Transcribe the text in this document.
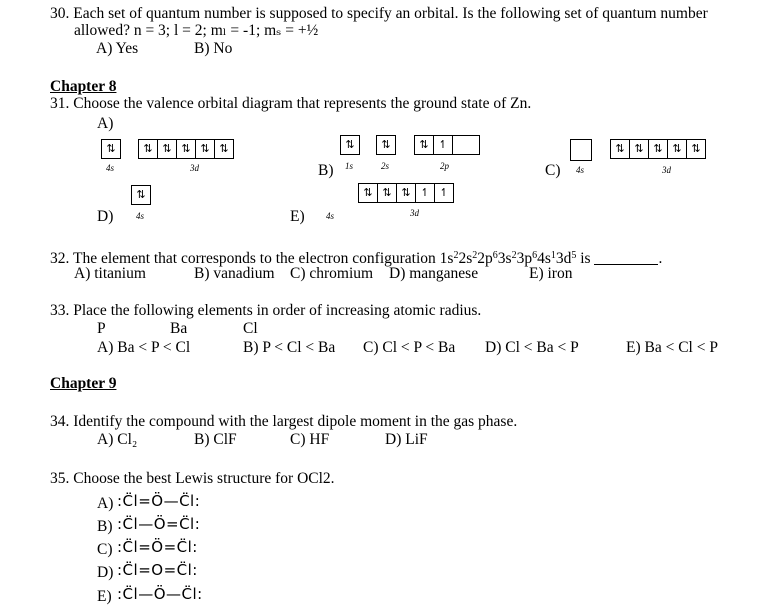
30. Each set of quantum number is supposed to specify an orbital. Is the following set of quantum number
allowed? n = 3; l = 2; mₗ = -1; mₛ = +½
A) Yes	B) No
Chapter 8
31. Choose the valence orbital diagram that represents the ground state of Zn.
A)
⇅
4s
⇅ ⇅ ⇅ ⇅ ⇅
3d	B)
⇅
1s
⇅
2s
⇅ ↿
2p	C) 4s
⇅ ⇅ ⇅ ⇅ ⇅
3d
D)
⇅
4s	E) 4s
⇅ ⇅ ⇅ ↿ ↿
3d
32. The element that corresponds to the electron configuration $1s^22s^22p^63s^23p^64s^13d^5$ is	.
A) titanium	B) vanadium C) chromium D) manganese	E) iron
33. Place the following elements in order of increasing atomic radius.
P	Ba	Cl
A) Ba < P < Cl	B) P < Cl < Ba C) Cl < P < Ba D) Cl < Ba < P	E) Ba < Cl < P
Chapter 9
34. Identify the compound with the largest dipole moment in the gas phase.
A) Cl₂	B) ClF	C) HF	D) LiF
35. Choose the best Lewis structure for OCl2.
A) :C̈l=Ö—C̈l:
B) :C̈l—Ö=C̈l:
C) :C̈l=Ö=C̈l:
D) :C̈l=O=C̈l:
E) :C̈l—Ö—C̈l:
